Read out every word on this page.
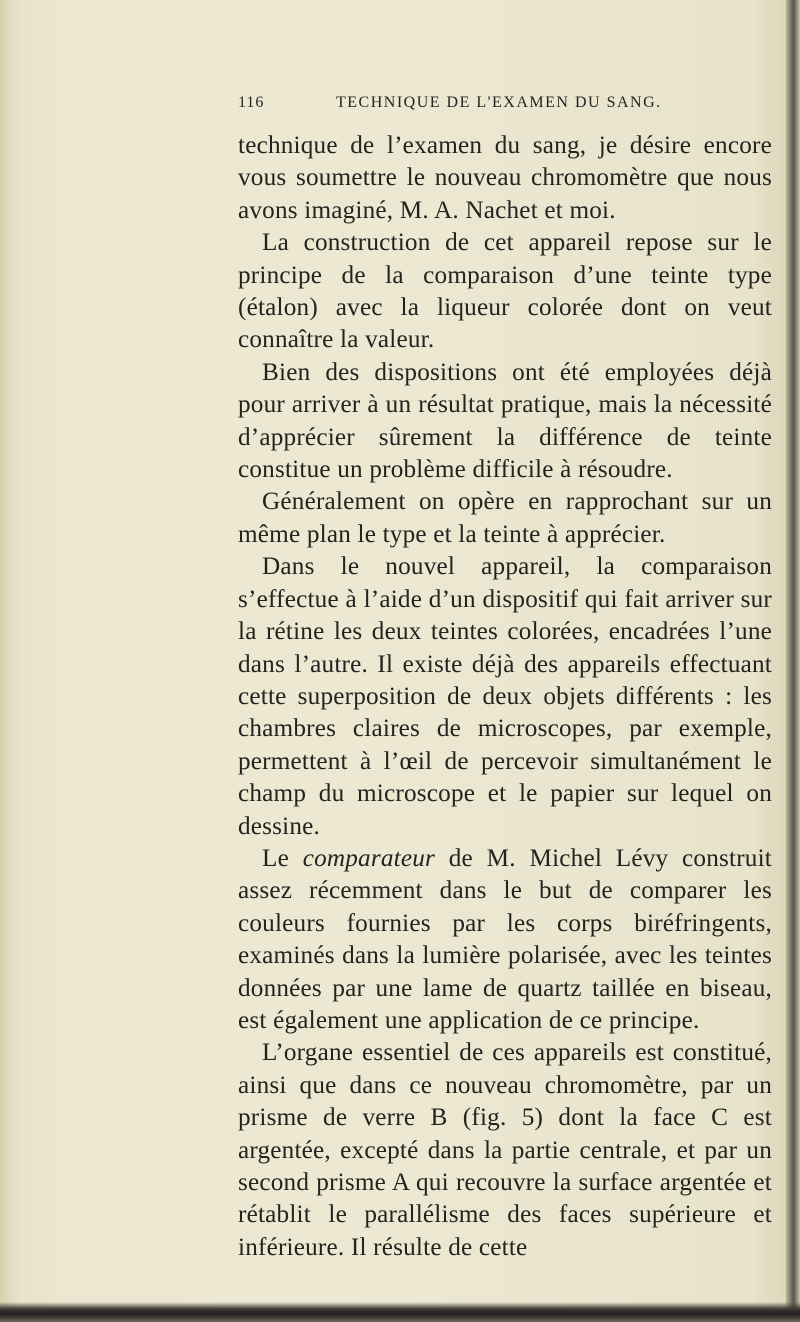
116	TECHNIQUE DE L'EXAMEN DU SANG.

technique de l’examen du sang, je désire encore vous soumettre le nouveau chromomètre que nous avons imaginé, M. A. Nachet et moi.

La construction de cet appareil repose sur le principe de la comparaison d’une teinte type (étalon) avec la liqueur colorée dont on veut connaître la valeur.

Bien des dispositions ont été employées déjà pour arriver à un résultat pratique, mais la nécessité d’apprécier sûrement la différence de teinte constitue un problème difficile à résoudre.

Généralement on opère en rapprochant sur un même plan le type et la teinte à apprécier.

Dans le nouvel appareil, la comparaison s’effectue à l’aide d’un dispositif qui fait arriver sur la rétine les deux teintes colorées, encadrées l’une dans l’autre. Il existe déjà des appareils effectuant cette superposition de deux objets différents : les chambres claires de microscopes, par exemple, permettent à l’œil de percevoir simultanément le champ du microscope et le papier sur lequel on dessine.

Le comparateur de M. Michel Lévy construit assez récemment dans le but de comparer les couleurs fournies par les corps biréfringents, examinés dans la lumière polarisée, avec les teintes données par une lame de quartz taillée en biseau, est également une application de ce principe.

L’organe essentiel de ces appareils est constitué, ainsi que dans ce nouveau chromomètre, par un prisme de verre B (fig. 5) dont la face C est argentée, excepté dans la partie centrale, et par un second prisme A qui recouvre la surface argentée et rétablit le parallélisme des faces supérieure et inférieure. Il résulte de cette
